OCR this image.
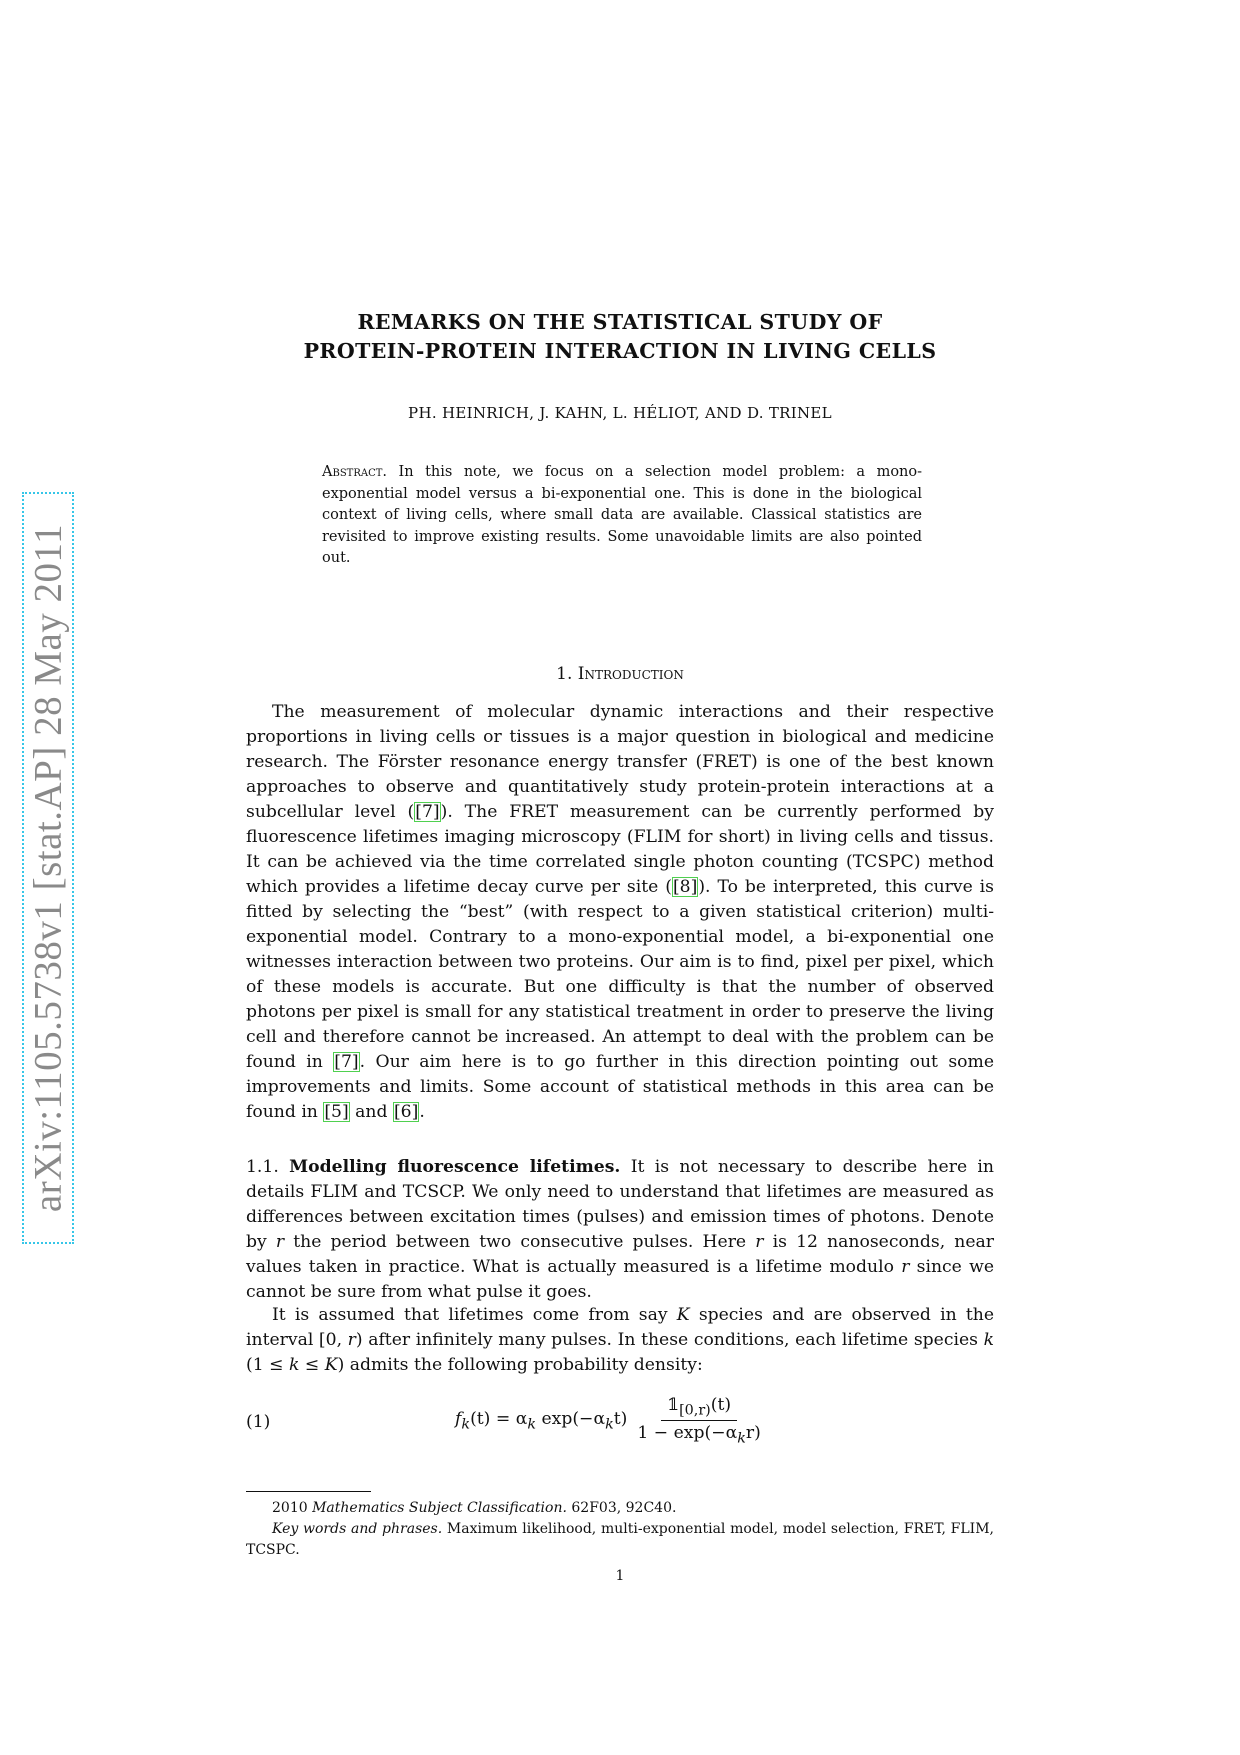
arXiv:1105.5738v1 [stat.AP] 28 May 2011
REMARKS ON THE STATISTICAL STUDY OF
PROTEIN-PROTEIN INTERACTION IN LIVING CELLS
PH. HEINRICH, J. KAHN, L. HÉLIOT, AND D. TRINEL
Abstract. In this note, we focus on a selection model problem: a mono-exponential model versus a bi-exponential one. This is done in the biological context of living cells, where small data are available. Classical statistics are revisited to improve existing results. Some unavoidable limits are also pointed out.
1. Introduction

The measurement of molecular dynamic interactions and their respective proportions in living cells or tissues is a major question in biological and medicine research. The Förster resonance energy transfer (FRET) is one of the best known approaches to observe and quantitatively study protein-protein interactions at a subcellular level ([7]). The FRET measurement can be currently performed by fluorescence lifetimes imaging microscopy (FLIM for short) in living cells and tissus. It can be achieved via the time correlated single photon counting (TCSPC) method which provides a lifetime decay curve per site ([8]). To be interpreted, this curve is fitted by selecting the “best” (with respect to a given statistical criterion) multi-exponential model. Contrary to a mono-exponential model, a bi-exponential one witnesses interaction between two proteins. Our aim is to find, pixel per pixel, which of these models is accurate. But one difficulty is that the number of observed photons per pixel is small for any statistical treatment in order to preserve the living cell and therefore cannot be increased. An attempt to deal with the problem can be found in [7]. Our aim here is to go further in this direction pointing out some improvements and limits. Some account of statistical methods in this area can be found in [5] and [6].

1.1. Modelling fluorescence lifetimes. It is not necessary to describe here in details FLIM and TCSCP. We only need to understand that lifetimes are measured as differences between excitation times (pulses) and emission times of photons. Denote by r the period between two consecutive pulses. Here r is 12 nanoseconds, near values taken in practice. What is actually measured is a lifetime modulo r since we cannot be sure from what pulse it goes.

It is assumed that lifetimes come from say K species and are observed in the interval [0, r) after infinitely many pulses. In these conditions, each lifetime species k (1 ≤ k ≤ K) admits the following probability density:

(1)	$f_k(t) = \alpha_k$ $\exp(-\alpha_kt) \frac{𝟙_{[0,r)}(t)}{1 - \exp(-\alpha_kr)}$

2010 Mathematics Subject Classification. 62F03, 92C40.

Key words and phrases. Maximum likelihood, multi-exponential model, model selection, FRET, FLIM, TCSPC.

1
